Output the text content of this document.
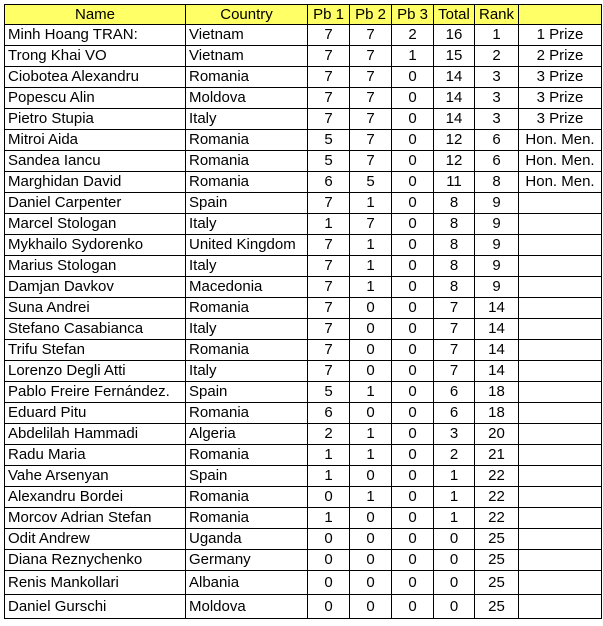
Name	Country	Pb 1	Pb 2	Pb 3	Total	Rank	
Minh Hoang TRAN:	Vietnam	7	7	2	16	1	1 Prize
Trong Khai VO	Vietnam	7	7	1	15	2	2 Prize
Ciobotea Alexandru	Romania	7	7	0	14	3	3 Prize
Popescu Alin	Moldova	7	7	0	14	3	3 Prize
Pietro Stupia	Italy	7	7	0	14	3	3 Prize
Mitroi Aida	Romania	5	7	0	12	6	Hon. Men.
Sandea Iancu	Romania	5	7	0	12	6	Hon. Men.
Marghidan David	Romania	6	5	0	11	8	Hon. Men.
Daniel Carpenter	Spain	7	1	0	8	9	
Marcel Stologan	Italy	1	7	0	8	9	
Mykhailo Sydorenko	United Kingdom	7	1	0	8	9	
Marius Stologan	Italy	7	1	0	8	9	
Damjan Davkov	Macedonia	7	1	0	8	9	
Suna Andrei	Romania	7	0	0	7	14	
Stefano Casabianca	Italy	7	0	0	7	14	
Trifu Stefan	Romania	7	0	0	7	14	
Lorenzo Degli Atti	Italy	7	0	0	7	14	
Pablo Freire Fernández.	Spain	5	1	0	6	18	
Eduard Pitu	Romania	6	0	0	6	18	
Abdelilah Hammadi	Algeria	2	1	0	3	20	
Radu Maria	Romania	1	1	0	2	21	
Vahe Arsenyan	Spain	1	0	0	1	22	
Alexandru Bordei	Romania	0	1	0	1	22	
Morcov Adrian Stefan	Romania	1	0	0	1	22	
Odit Andrew	Uganda	0	0	0	0	25	
Diana Reznychenko	Germany	0	0	0	0	25	
Renis Mankollari	Albania	0	0	0	0	25	
Daniel Gurschi	Moldova	0	0	0	0	25	
